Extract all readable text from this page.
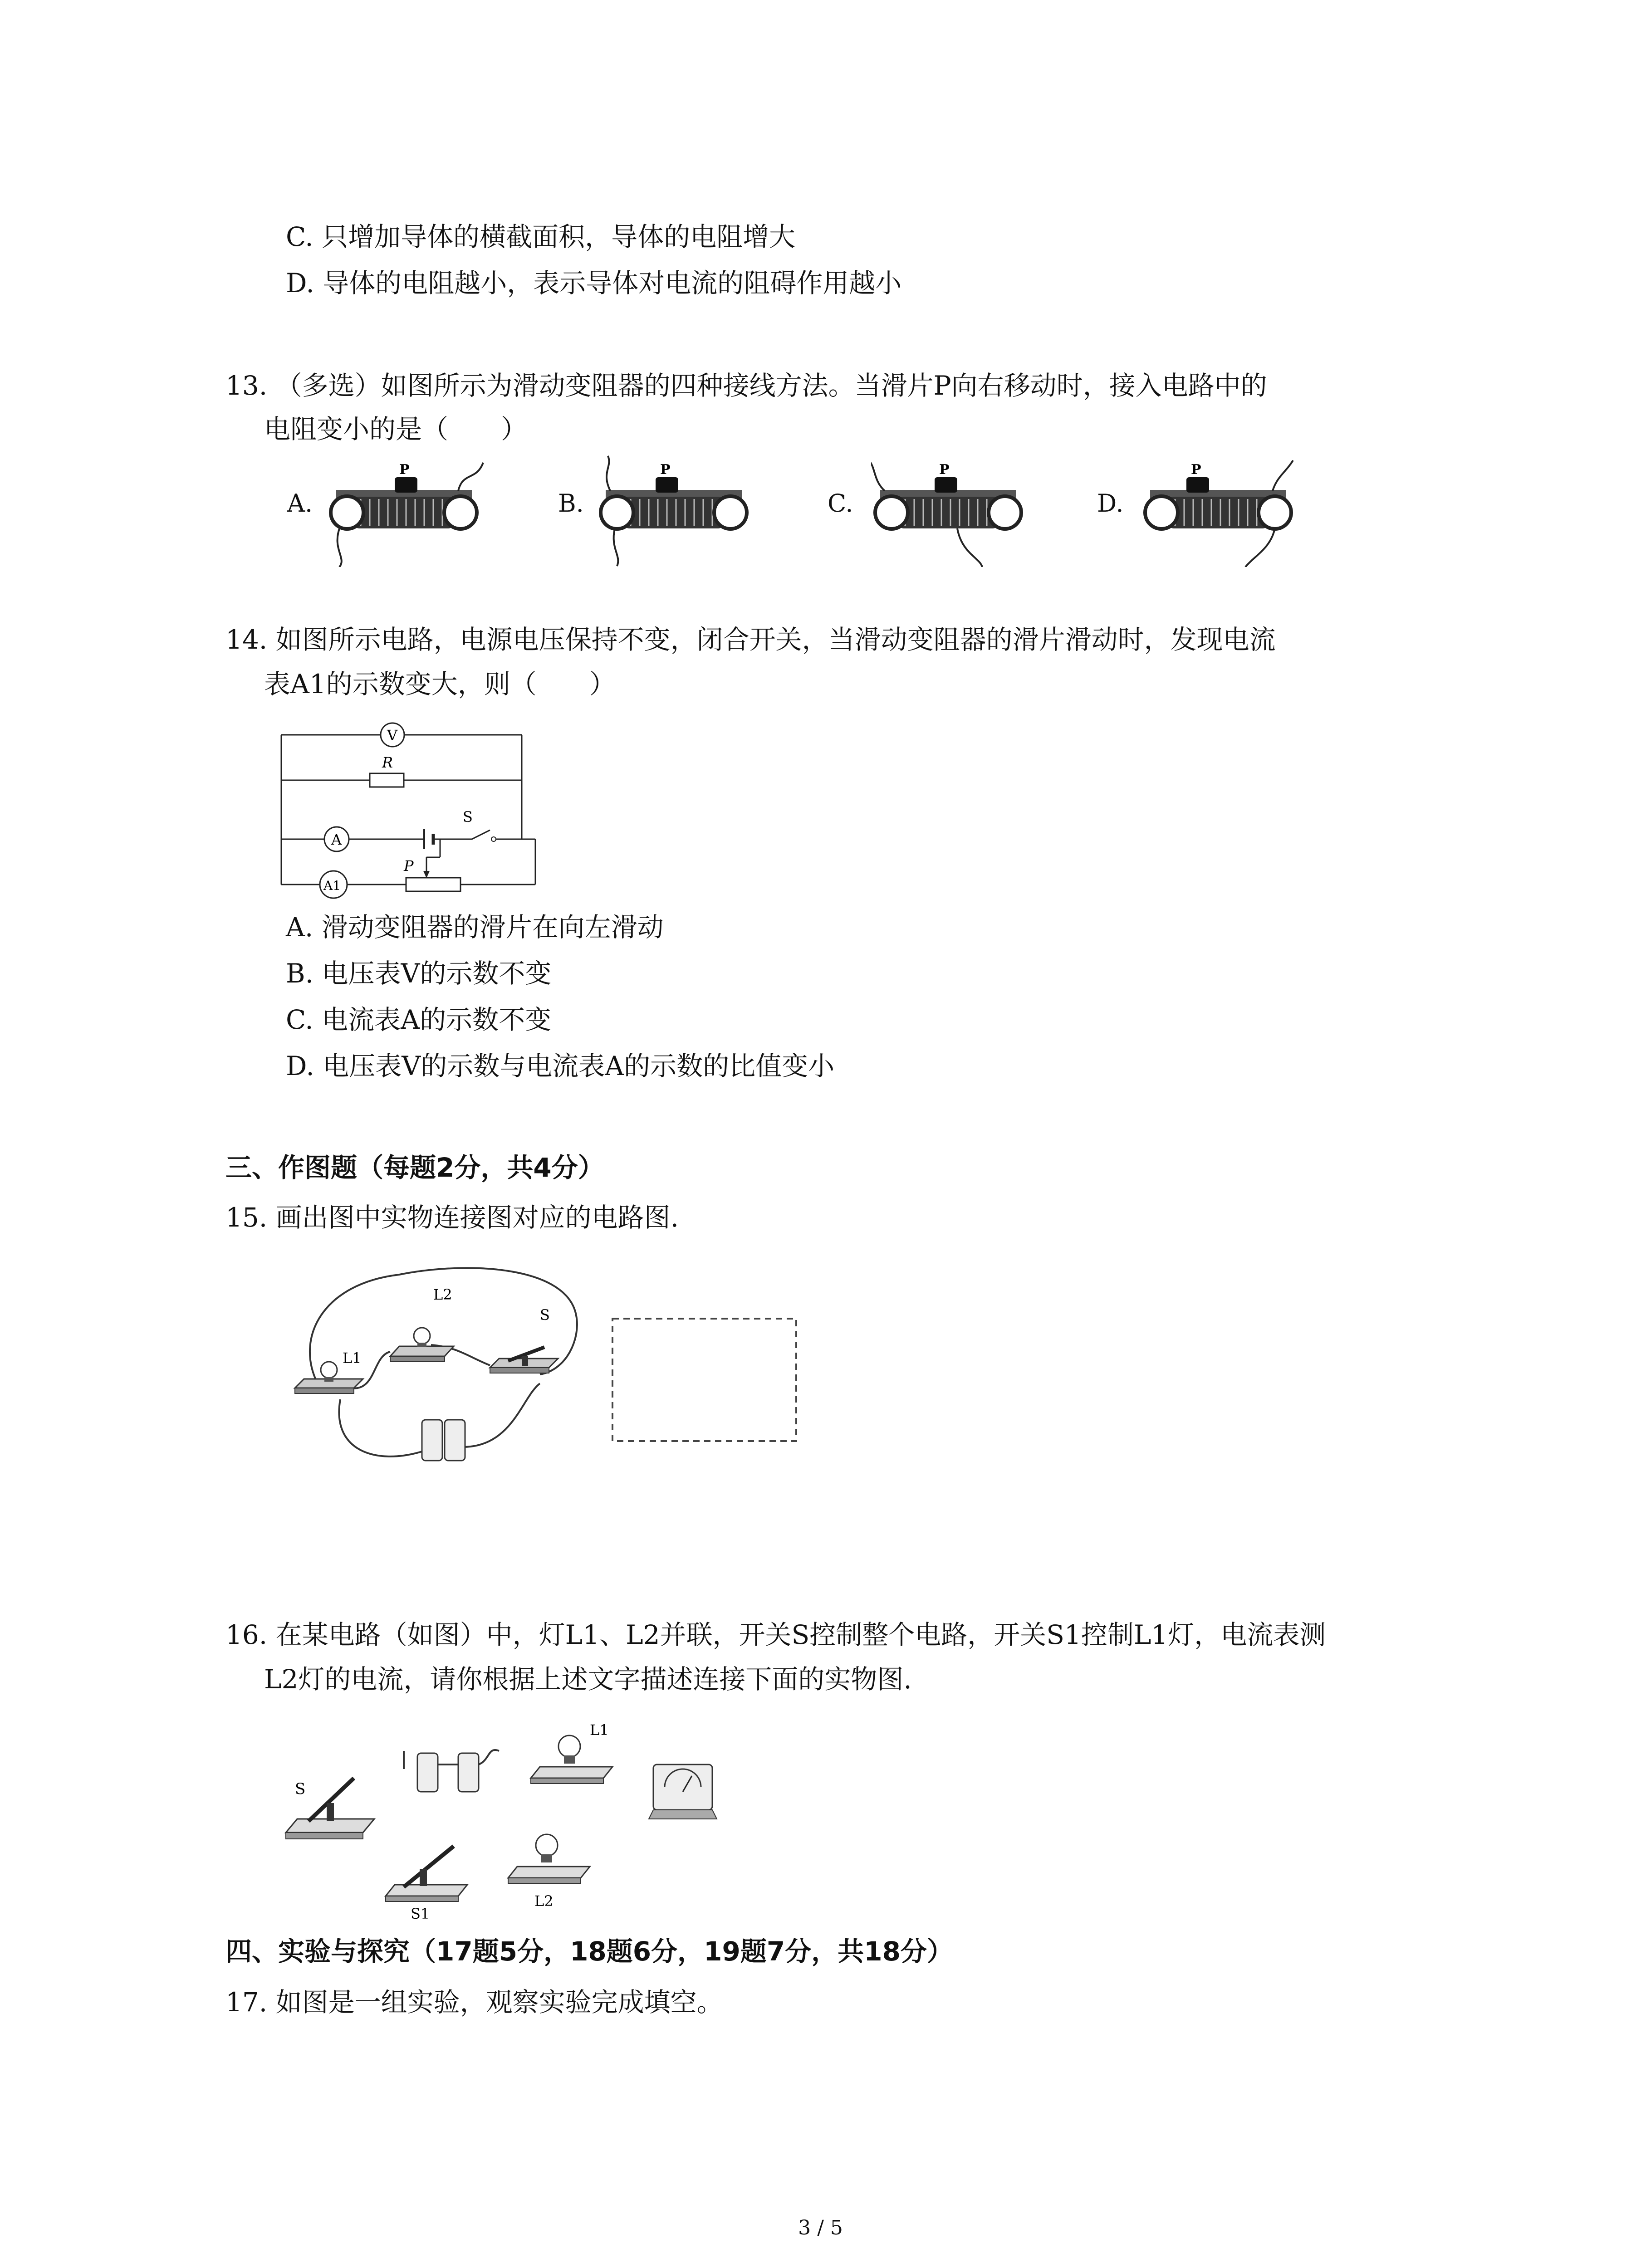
C. 只增加导体的横截面积，导体的电阻增大
D. 导体的电阻越小，表示导体对电流的阻碍作用越小
13. （多选）如图所示为滑动变阻器的四种接线方法。当滑片P向右移动时，接入电路中的
电阻变小的是（　　）
A.	B.	C.	D.
P	P	P	P
14. 如图所示电路，电源电压保持不变，闭合开关，当滑动变阻器的滑片滑动时，发现电流
表A1的示数变大，则（　　）
V
A
A1
R
S
P
A. 滑动变阻器的滑片在向左滑动
B. 电压表V的示数不变
C. 电流表A的示数不变
D. 电压表V的示数与电流表A的示数的比值变小
三、作图题（每题2分，共4分）
15. 画出图中实物连接图对应的电路图.
L1
L2
S
16. 在某电路（如图）中，灯L1、L2并联，开关S控制整个电路，开关S1控制L1灯，电流表测
L2灯的电流，请你根据上述文字描述连接下面的实物图.
S
L1
S1
L2
四、实验与探究（17题5分，18题6分，19题7分，共18分）
17. 如图是一组实验，观察实验完成填空。
3 / 5
